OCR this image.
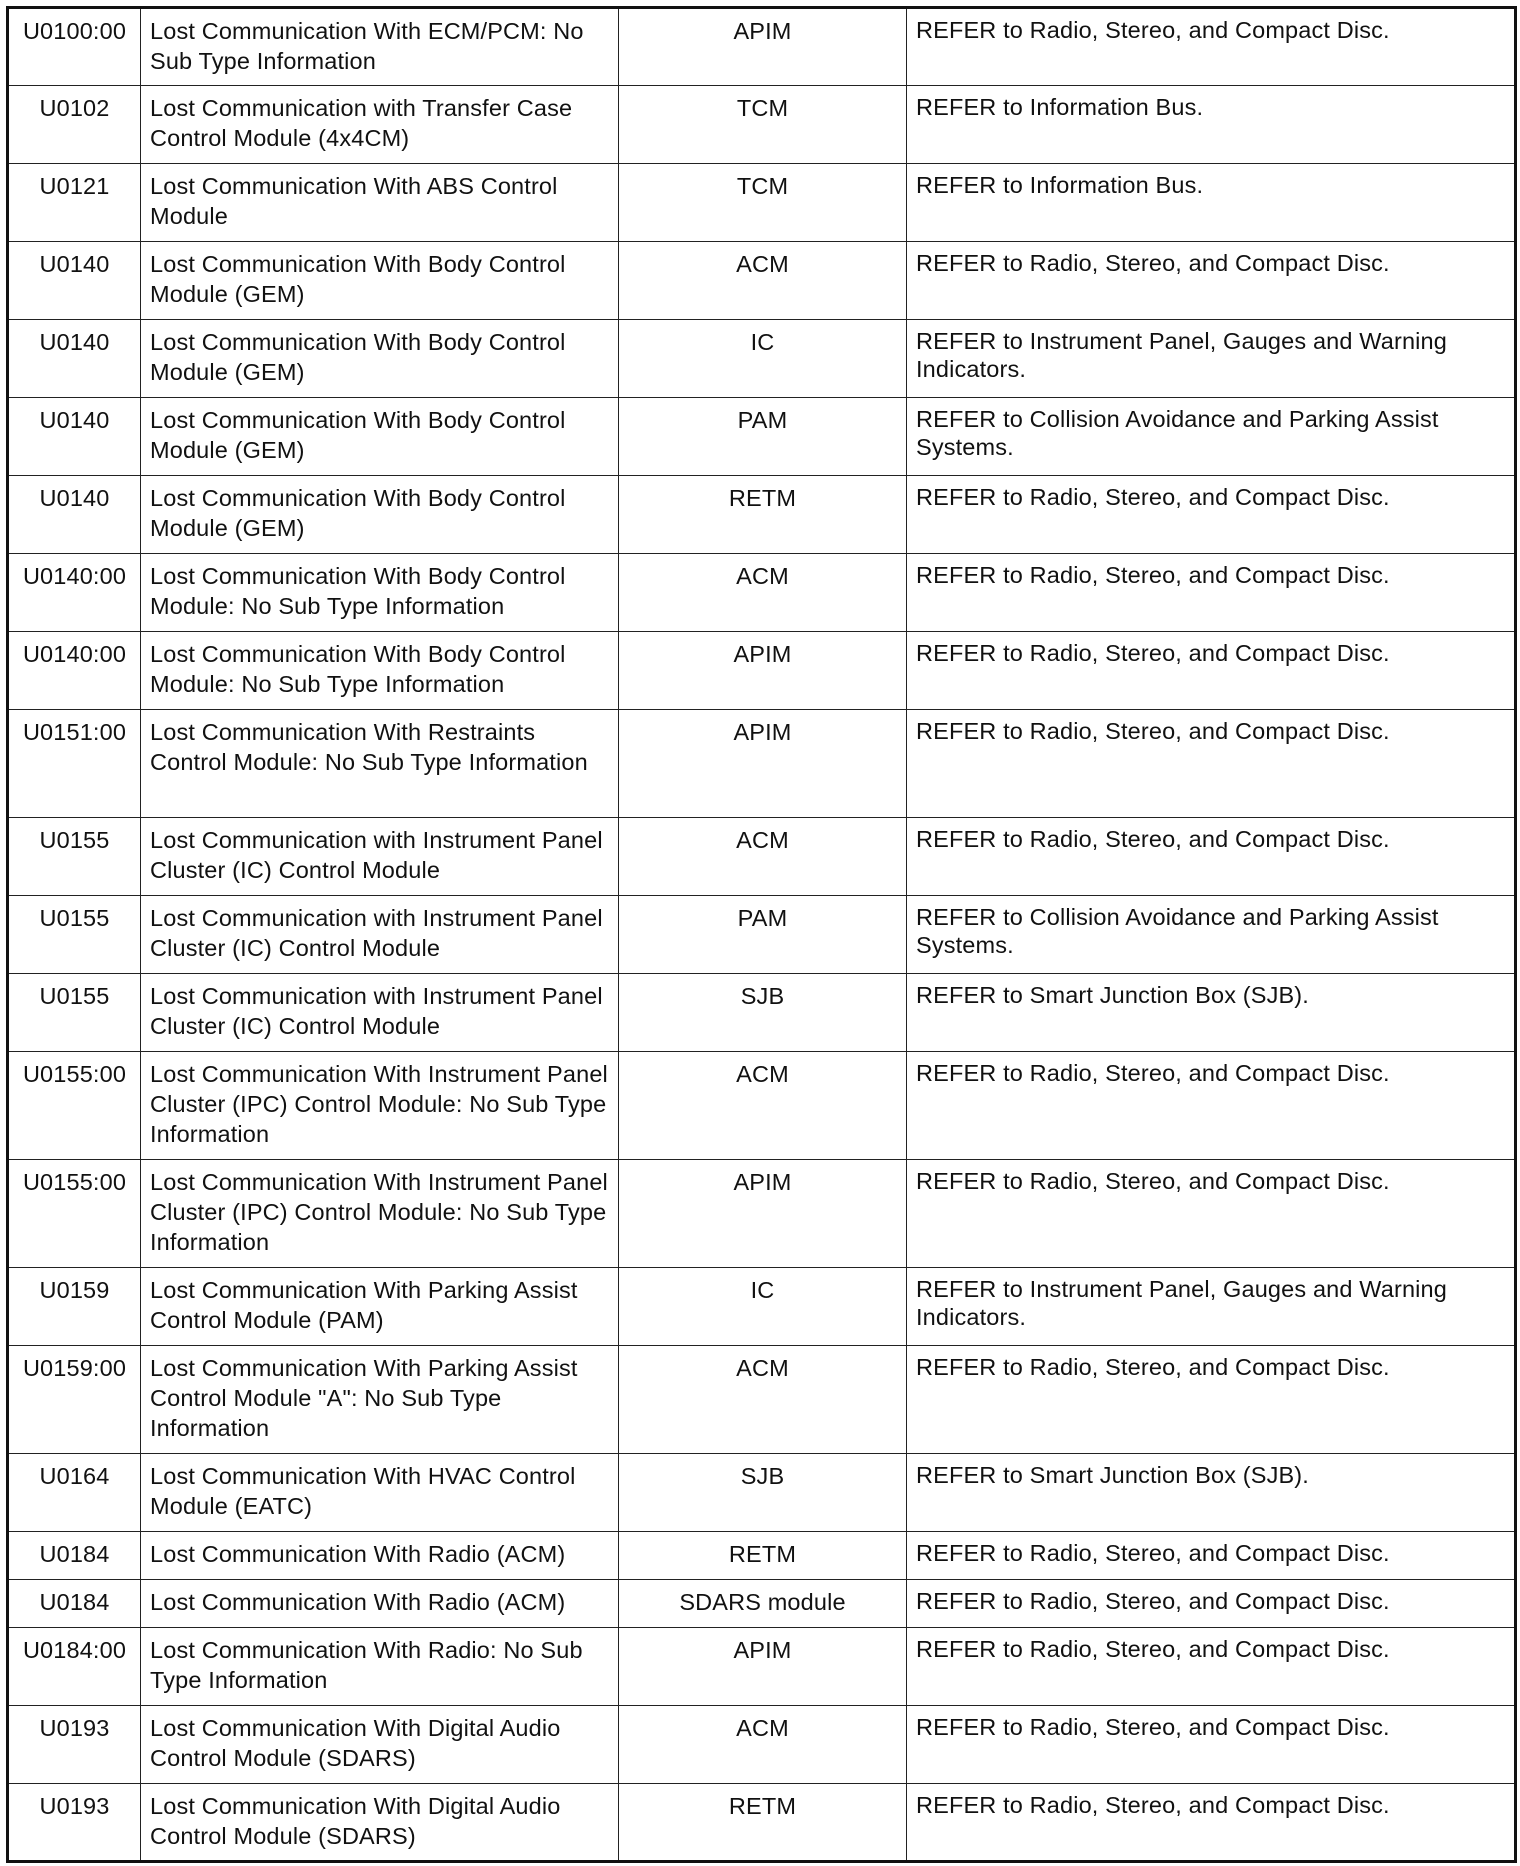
U0100:00	Lost Communication With ECM/PCM: No Sub Type Information	APIM	REFER to Radio, Stereo, and Compact Disc.
U0102	Lost Communication with Transfer Case Control Module (4x4CM)	TCM	REFER to Information Bus.
U0121	Lost Communication With ABS Control Module	TCM	REFER to Information Bus.
U0140	Lost Communication With Body Control Module (GEM)	ACM	REFER to Radio, Stereo, and Compact Disc.
U0140	Lost Communication With Body Control Module (GEM)	IC	REFER to Instrument Panel, Gauges and Warning Indicators.
U0140	Lost Communication With Body Control Module (GEM)	PAM	REFER to Collision Avoidance and Parking Assist Systems.
U0140	Lost Communication With Body Control Module (GEM)	RETM	REFER to Radio, Stereo, and Compact Disc.
U0140:00	Lost Communication With Body Control Module: No Sub Type Information	ACM	REFER to Radio, Stereo, and Compact Disc.
U0140:00	Lost Communication With Body Control Module: No Sub Type Information	APIM	REFER to Radio, Stereo, and Compact Disc.
U0151:00	Lost Communication With Restraints Control Module: No Sub Type Information	APIM	REFER to Radio, Stereo, and Compact Disc.
U0155	Lost Communication with Instrument Panel Cluster (IC) Control Module	ACM	REFER to Radio, Stereo, and Compact Disc.
U0155	Lost Communication with Instrument Panel Cluster (IC) Control Module	PAM	REFER to Collision Avoidance and Parking Assist Systems.
U0155	Lost Communication with Instrument Panel Cluster (IC) Control Module	SJB	REFER to Smart Junction Box (SJB).
U0155:00	Lost Communication With Instrument Panel Cluster (IPC) Control Module: No Sub Type Information	ACM	REFER to Radio, Stereo, and Compact Disc.
U0155:00	Lost Communication With Instrument Panel Cluster (IPC) Control Module: No Sub Type Information	APIM	REFER to Radio, Stereo, and Compact Disc.
U0159	Lost Communication With Parking Assist Control Module (PAM)	IC	REFER to Instrument Panel, Gauges and Warning Indicators.
U0159:00	Lost Communication With Parking Assist Control Module "A": No Sub Type Information	ACM	REFER to Radio, Stereo, and Compact Disc.
U0164	Lost Communication With HVAC Control Module (EATC)	SJB	REFER to Smart Junction Box (SJB).
U0184	Lost Communication With Radio (ACM)	RETM	REFER to Radio, Stereo, and Compact Disc.
U0184	Lost Communication With Radio (ACM)	SDARS module	REFER to Radio, Stereo, and Compact Disc.
U0184:00	Lost Communication With Radio: No Sub Type Information	APIM	REFER to Radio, Stereo, and Compact Disc.
U0193	Lost Communication With Digital Audio Control Module (SDARS)	ACM	REFER to Radio, Stereo, and Compact Disc.
U0193	Lost Communication With Digital Audio Control Module (SDARS)	RETM	REFER to Radio, Stereo, and Compact Disc.
